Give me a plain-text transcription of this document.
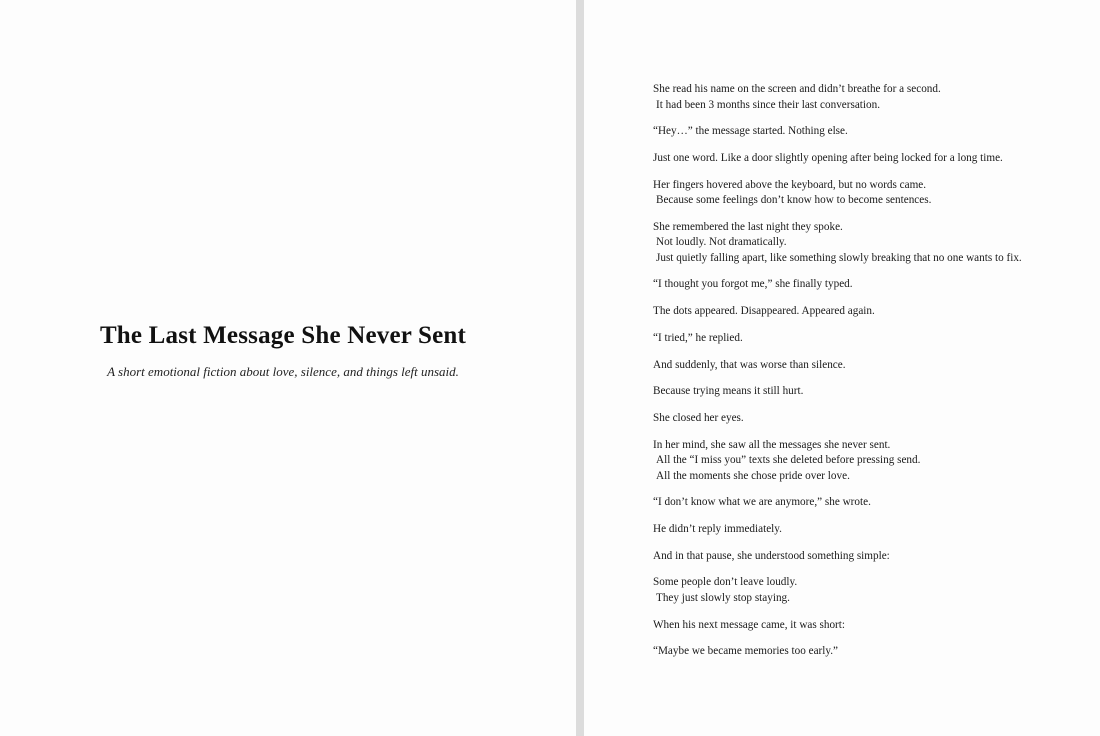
The Last Message She Never Sent

A short emotional fiction about love, silence, and things left unsaid.

She read his name on the screen and didn’t breathe for a second.
It had been 3 months since their last conversation.

“Hey…” the message started. Nothing else.

Just one word. Like a door slightly opening after being locked for a long time.

Her fingers hovered above the keyboard, but no words came.
Because some feelings don’t know how to become sentences.

She remembered the last night they spoke.
Not loudly. Not dramatically.
Just quietly falling apart, like something slowly breaking that no one wants to fix.

“I thought you forgot me,” she finally typed.

The dots appeared. Disappeared. Appeared again.

“I tried,” he replied.

And suddenly, that was worse than silence.

Because trying means it still hurt.

She closed her eyes.

In her mind, she saw all the messages she never sent.
All the “I miss you” texts she deleted before pressing send.
All the moments she chose pride over love.

“I don’t know what we are anymore,” she wrote.

He didn’t reply immediately.

And in that pause, she understood something simple:

Some people don’t leave loudly.
They just slowly stop staying.

When his next message came, it was short:

“Maybe we became memories too early.”
